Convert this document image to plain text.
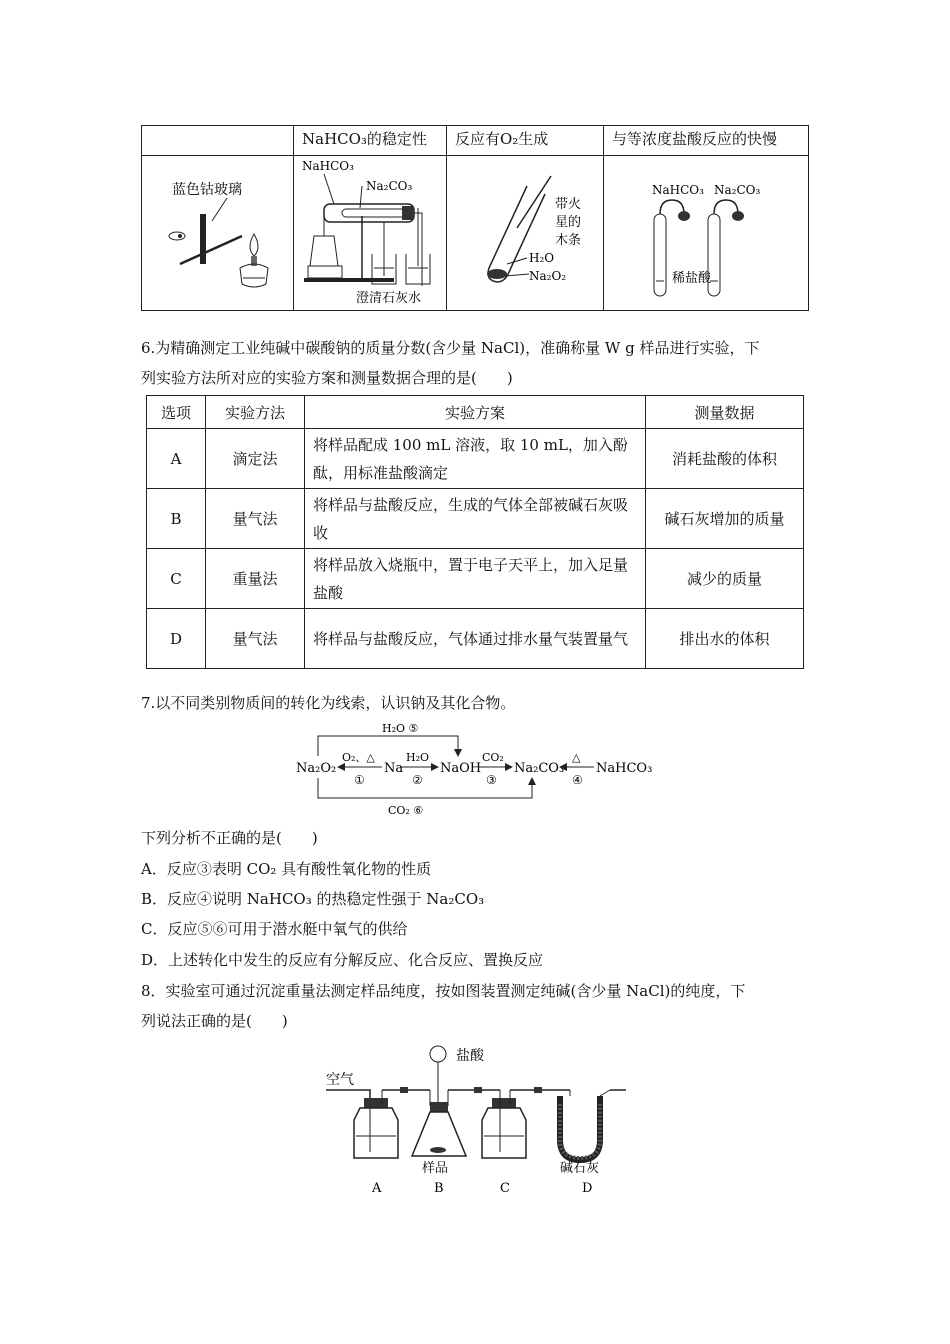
	NaHCO₃的稳定性	反应有O₂生成	与等浓度盐酸反应的快慢

蓝色钴玻璃	NaHCO₃
Na₂CO₃
澄清石灰水	带火
星的
木条
H₂O
Na₂O₂	NaHCO₃ Na₂CO₃
稀盐酸
6.为精确测定工业纯碱中碳酸钠的质量分数(含少量 NaCl)，准确称量 W g 样品进行实验，下
列实验方法所对应的实验方案和测量数据合理的是(　　)
选项	实验方法	实验方案	测量数据
A	滴定法	将样品配成 100 mL 溶液，取 10 mL，加入酚酞，用标准盐酸滴定	消耗盐酸的体积
B	量气法	将样品与盐酸反应，生成的气体全部被碱石灰吸收	碱石灰增加的质量
C	重量法	将样品放入烧瓶中，置于电子天平上，加入足量盐酸	减少的质量
D	量气法	将样品与盐酸反应，气体通过排水量气装置量气	排出水的体积
7.以不同类别物质间的转化为线索，认识钠及其化合物。
Na₂O₂	Na	NaOH	Na₂CO₃ NaHCO₃
O₂、△
①
H₂O
②
CO₂
③
△
④
H₂O ⑤
CO₂ ⑥
下列分析不正确的是(　　)
A．反应③表明 CO₂ 具有酸性氧化物的性质
B．反应④说明 NaHCO₃ 的热稳定性强于 Na₂CO₃
C．反应⑤⑥可用于潜水艇中氧气的供给
D．上述转化中发生的反应有分解反应、化合反应、置换反应
8．实验室可通过沉淀重量法测定样品纯度，按如图装置测定纯碱(含少量 NaCl)的纯度，下
列说法正确的是(　　)
空气
盐酸
样品	碱石灰
A	B	C	D
